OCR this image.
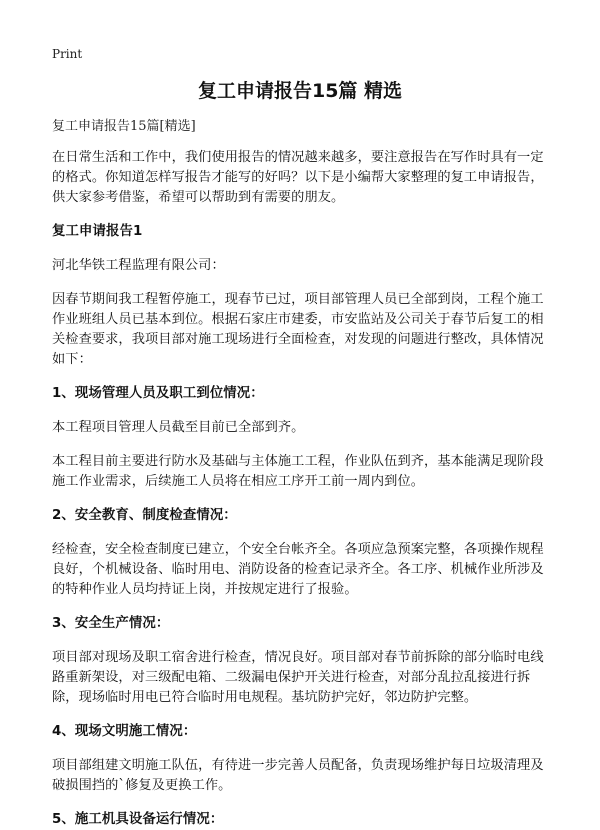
Print
复工申请报告15篇 精选
复工申请报告15篇[精选]

在日常生活和工作中，我们使用报告的情况越来越多，要注意报告在写作时具有一定的格式。你知道怎样写报告才能写的好吗？以下是小编帮大家整理的复工申请报告，供大家参考借鉴，希望可以帮助到有需要的朋友。

复工申请报告1

河北华铁工程监理有限公司：

因春节期间我工程暂停施工，现春节已过，项目部管理人员已全部到岗，工程个施工作业班组人员已基本到位。根据石家庄市建委，市安监站及公司关于春节后复工的相关检查要求，我项目部对施工现场进行全面检查，对发现的问题进行整改，具体情况如下：

1、现场管理人员及职工到位情况：

本工程项目管理人员截至目前已全部到齐。

本工程目前主要进行防水及基础与主体施工工程，作业队伍到齐，基本能满足现阶段施工作业需求，后续施工人员将在相应工序开工前一周内到位。

2、安全教育、制度检查情况：

经检查，安全检查制度已建立，个安全台帐齐全。各项应急预案完整，各项操作规程良好，个机械设备、临时用电、消防设备的检查记录齐全。各工序、机械作业所涉及的特种作业人员均持证上岗，并按规定进行了报验。

3、安全生产情况：

项目部对现场及职工宿舍进行检查，情况良好。项目部对春节前拆除的部分临时电线路重新架设，对三级配电箱、二级漏电保护开关进行检查，对部分乱拉乱接进行拆除，现场临时用电已符合临时用电规程。基坑防护完好，邻边防护完整。

4、现场文明施工情况：

项目部组建文明施工队伍，有待进一步完善人员配备，负责现场维护每日垃圾清理及破损围挡的`修复及更换工作。

5、施工机具设备运行情况：
